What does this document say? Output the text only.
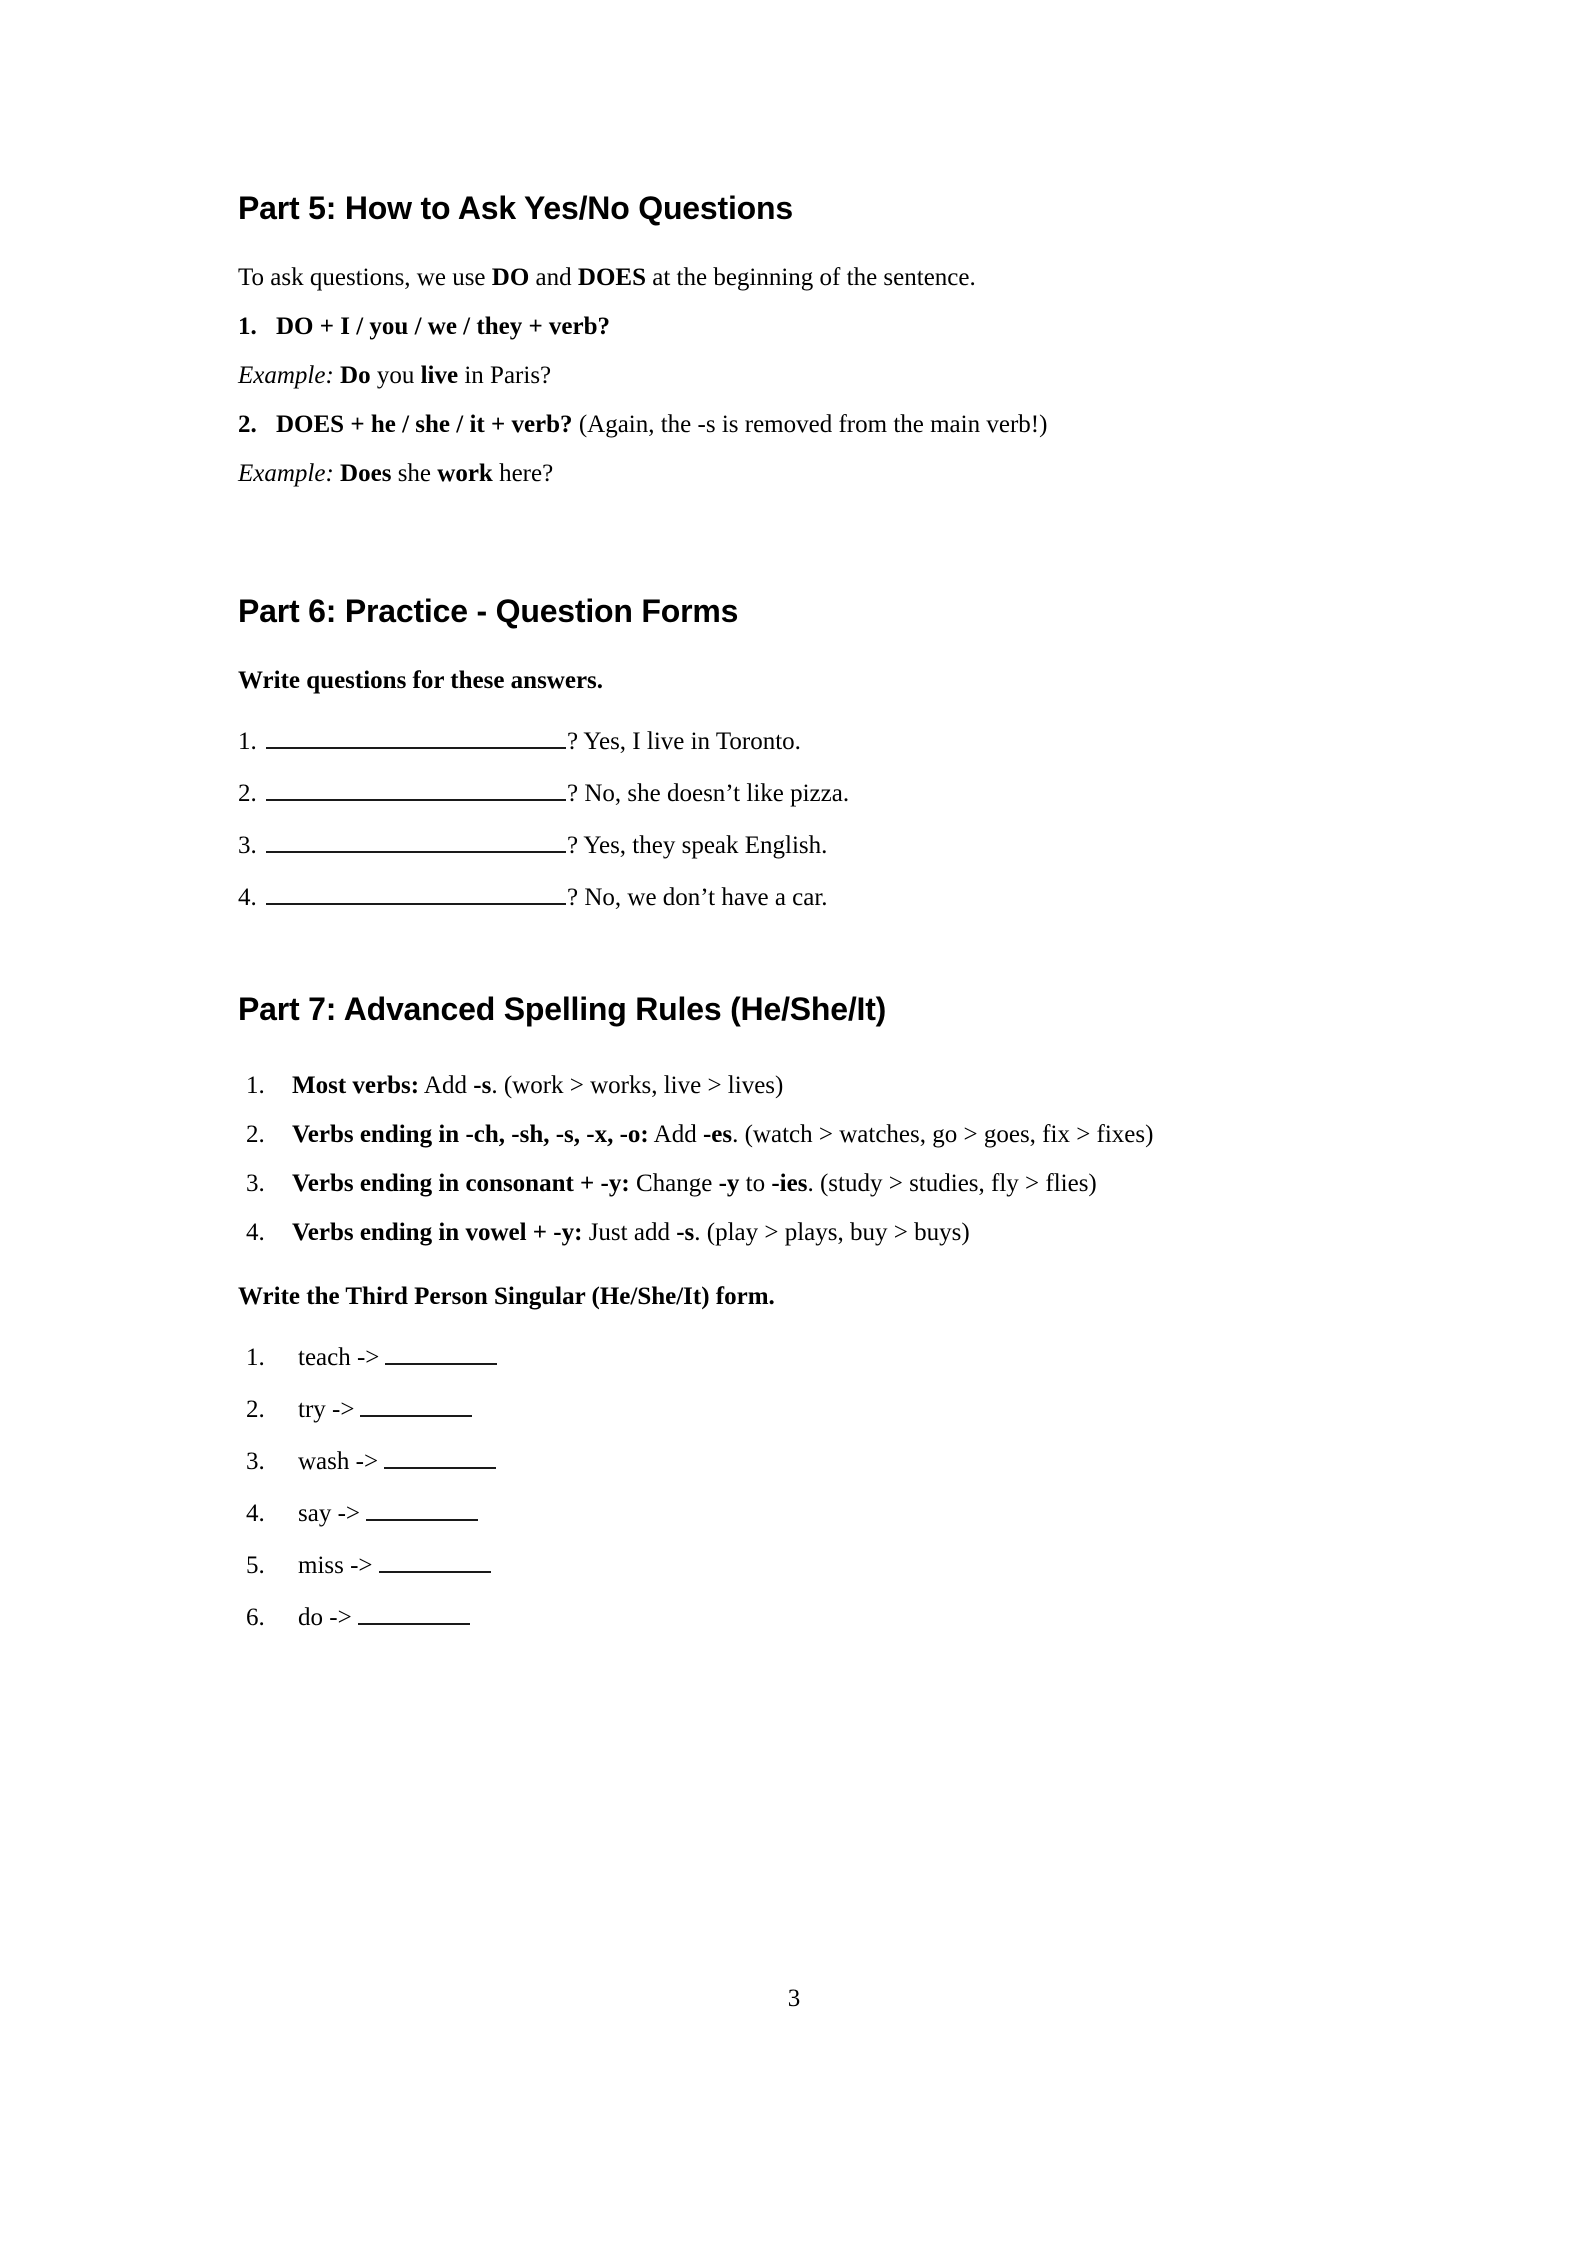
Part 5: How to Ask Yes/No Questions

To ask questions, we use DO and DOES at the beginning of the sentence.

1. DO + I / you / we / they + verb?

Example: Do you live in Paris?

2. DOES + he / she / it + verb? (Again, the -s is removed from the main verb!)

Example: Does she work here?

Part 6: Practice - Question Forms

Write questions for these answers.

1.	? Yes, I live in Toronto.
2.	? No, she doesn’t like pizza.
3.	? Yes, they speak English.
4.	? No, we don’t have a car.
Part 7: Advanced Spelling Rules (He/She/It)
1.	Most verbs: Add -s. (work > works, live > lives)
2.	Verbs ending in -ch, -sh, -s, -x, -o: Add -es. (watch > watches, go > goes, fix > fixes)
3.	Verbs ending in consonant + -y: Change -y to -ies. (study > studies, fly > flies)
4.	Verbs ending in vowel + -y: Just add -s. (play > plays, buy > buys)

Write the Third Person Singular (He/She/It) form.

1.	teach ->
2.	try ->
3.	wash ->
4.	say ->
5.	miss ->
6.	do ->
3
